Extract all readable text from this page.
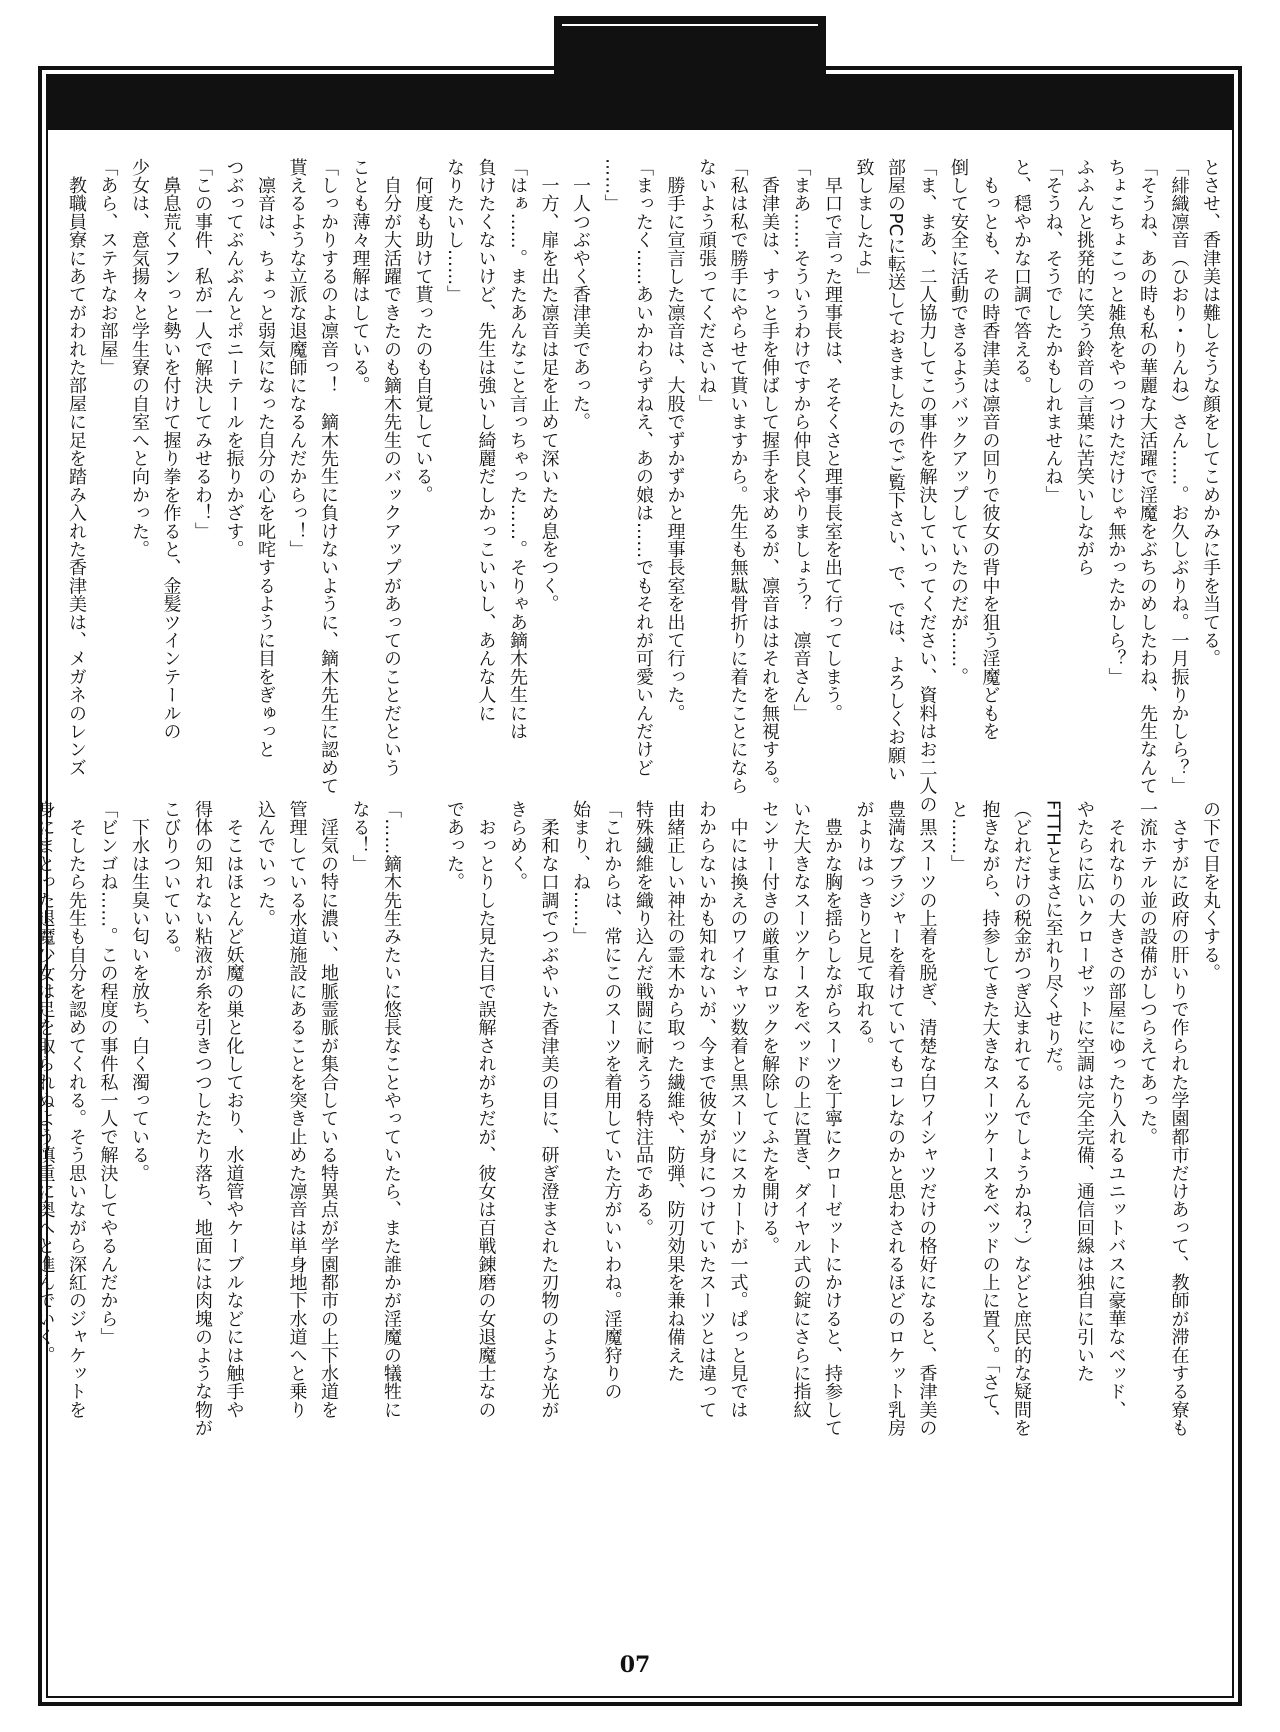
とさせ、香津美は難しそうな顔をしてこめかみに手を当てる。
「緋織凛音（ひおり・りんね）さん……。お久しぶりね。一月振りかしら？」
「そうね、あの時も私の華麗な大活躍で淫魔をぶちのめしたわね、先生なんて
ちょこちょこっと雑魚をやっつけただけじゃ無かったかしら？」
ふふんと挑発的に笑う鈴音の言葉に苦笑いしながら
「そうね、そうでしたかもしれませんね」
と、穏やかな口調で答える。
　もっとも、その時香津美は凛音の回りで彼女の背中を狙う淫魔どもを
倒して安全に活動できるようバックアップしていたのだが……。
「ま、まあ、二人協力してこの事件を解決していってください、資料はお二人の
部屋のPCに転送しておきましたのでご覧下さい、で、では、よろしくお願い
致しましたよ」
　早口で言った理事長は、そそくさと理事長室を出て行ってしまう。
「まあ……そういうわけですから仲良くやりましょう？　凛音さん」
　香津美は、すっと手を伸ばして握手を求めるが、凛音ははそれを無視する。
「私は私で勝手にやらせて貰いますから。先生も無駄骨折りに着たことになら
ないよう頑張ってくださいね」
　勝手に宣言した凛音は、大股でずかずかと理事長室を出て行った。
「まったく……あいかわらずねえ、あの娘は……でもそれが可愛いんだけど
……」
　一人つぶやく香津美であった。
　一方、扉を出た凛音は足を止めて深いため息をつく。
「はぁ……。またあんなこと言っちゃった……。そりゃあ鏑木先生には
負けたくないけど、先生は強いし綺麗だしかっこいいし、あんな人に
なりたいし……」
　何度も助けて貰ったのも自覚している。
　自分が大活躍できたのも鏑木先生のバックアップがあってのことだという
ことも薄々理解はしている。
「しっかりするのよ凛音っ！　鏑木先生に負けないように、鏑木先生に認めて
貰えるような立派な退魔師になるんだからっ！」
　凛音は、ちょっと弱気になった自分の心を叱咤するように目をぎゅっと
つぶってぶんぶんとポニーテールを振りかざす。
「この事件、私が一人で解決してみせるわ！」
　鼻息荒くフンっと勢いを付けて握り拳を作ると、金髪ツインテールの
少女は、意気揚々と学生寮の自室へと向かった。
「あら、ステキなお部屋」
　教職員寮にあてがわれた部屋に足を踏み入れた香津美は、メガネのレンズ
の下で目を丸くする。
　さすがに政府の肝いりで作られた学園都市だけあって、教師が滞在する寮も
一流ホテル並の設備がしつらえてあった。
　それなりの大きさの部屋にゆったり入れるユニットバスに豪華なベッド、
やたらに広いクローゼットに空調は完全完備、通信回線は独自に引いた
FTTHとまさに至れり尽くせりだ。
（どれだけの税金がつぎ込まれてるんでしょうかね？）などと庶民的な疑問を
抱きながら、持参してきた大きなスーツケースをベッドの上に置く。「さて、
と……」
　黒スーツの上着を脱ぎ、清楚な白ワイシャツだけの格好になると、香津美の
豊満なブラジャーを着けていてもコレなのかと思わされるほどのロケット乳房
がよりはっきりと見て取れる。
　豊かな胸を揺らしながらスーツを丁寧にクローゼットにかけると、持参して
いた大きなスーツケースをベッドの上に置き、ダイヤル式の錠にさらに指紋
センサー付きの厳重なロックを解除してふたを開ける。
　中には換えのワイシャツ数着と黒スーツにスカートが一式。ぱっと見では
わからないかも知れないが、今まで彼女が身につけていたスーツとは違って
由緒正しい神社の霊木から取った繊維や、防弾、防刃効果を兼ね備えた
特殊繊維を織り込んだ戦闘に耐えうる特注品である。
「これからは、常にこのスーツを着用していた方がいいわね。淫魔狩りの
始まり、ね……」
　柔和な口調でつぶやいた香津美の目に、研ぎ澄まされた刃物のような光が
きらめく。
　おっとりした見た目で誤解されがちだが、彼女は百戦錬磨の女退魔士なの
であった。
「……鏑木先生みたいに悠長なことやっていたら、また誰かが淫魔の犠牲に
なる！」
　淫気の特に濃い、地脈霊脈が集合している特異点が学園都市の上下水道を
管理している水道施設にあることを突き止めた凛音は単身地下水道へと乗り
込んでいった。
　そこはほとんど妖魔の巣と化しており、水道管やケーブルなどには触手や
得体の知れない粘液が糸を引きつつしたたり落ち、地面には肉塊のような物が
こびりついている。
　下水は生臭い匂いを放ち、白く濁っている。
「ビンゴね……。この程度の事件私一人で解決してやるんだから」
　そしたら先生も自分を認めてくれる。そう思いながら深紅のジャケットを
身にまとった退魔少女は足を取られぬよう慎重に奥へと進んでいく。
07
